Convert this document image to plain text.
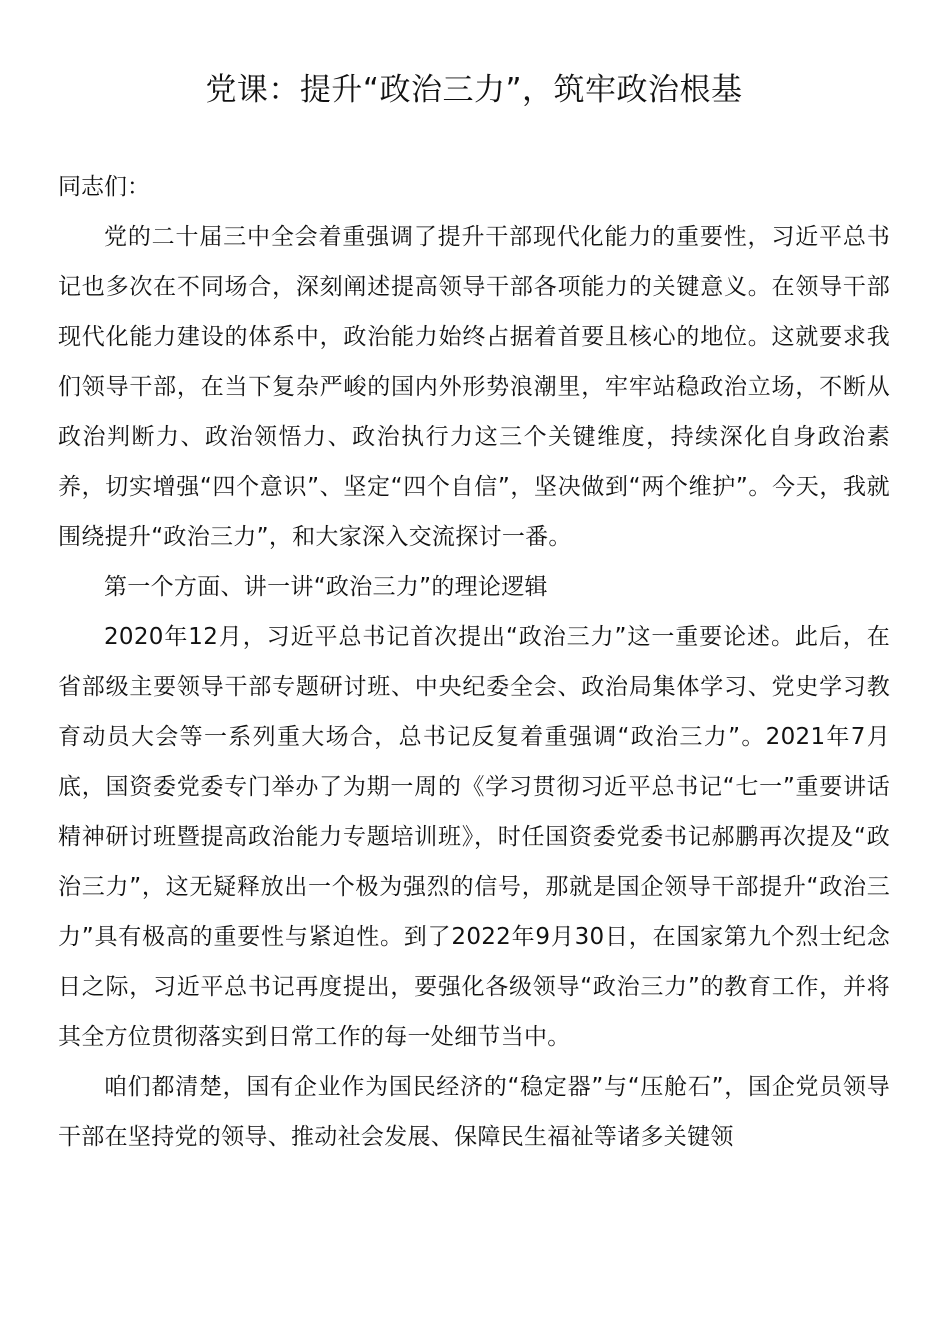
党课：提升“政治三力”，筑牢政治根基

同志们：

党的二十届三中全会着重强调了提升干部现代化能力的重要性，习近平总书记也多次在不同场合，深刻阐述提高领导干部各项能力的关键意义。在领导干部现代化能力建设的体系中，政治能力始终占据着首要且核心的地位。这就要求我们领导干部，在当下复杂严峻的国内外形势浪潮里，牢牢站稳政治立场，不断从政治判断力、政治领悟力、政治执行力这三个关键维度，持续深化自身政治素养，切实增强“四个意识”、坚定“四个自信”，坚决做到“两个维护”。今天，我就围绕提升“政治三力”，和大家深入交流探讨一番。

第一个方面、讲一讲“政治三力”的理论逻辑

2020年12月，习近平总书记首次提出“政治三力”这一重要论述。此后，在省部级主要领导干部专题研讨班、中央纪委全会、政治局集体学习、党史学习教育动员大会等一系列重大场合，总书记反复着重强调“政治三力”。2021年7月底，国资委党委专门举办了为期一周的《学习贯彻习近平总书记“七一”重要讲话精神研讨班暨提高政治能力专题培训班》，时任国资委党委书记郝鹏再次提及“政治三力”，这无疑释放出一个极为强烈的信号，那就是国企领导干部提升“政治三力”具有极高的重要性与紧迫性。到了2022年9月30日，在国家第九个烈士纪念日之际，习近平总书记再度提出，要强化各级领导“政治三力”的教育工作，并将其全方位贯彻落实到日常工作的每一处细节当中。

咱们都清楚，国有企业作为国民经济的“稳定器”与“压舱石”，国企党员领导干部在坚持党的领导、推动社会发展、保障民生福祉等诸多关键领
